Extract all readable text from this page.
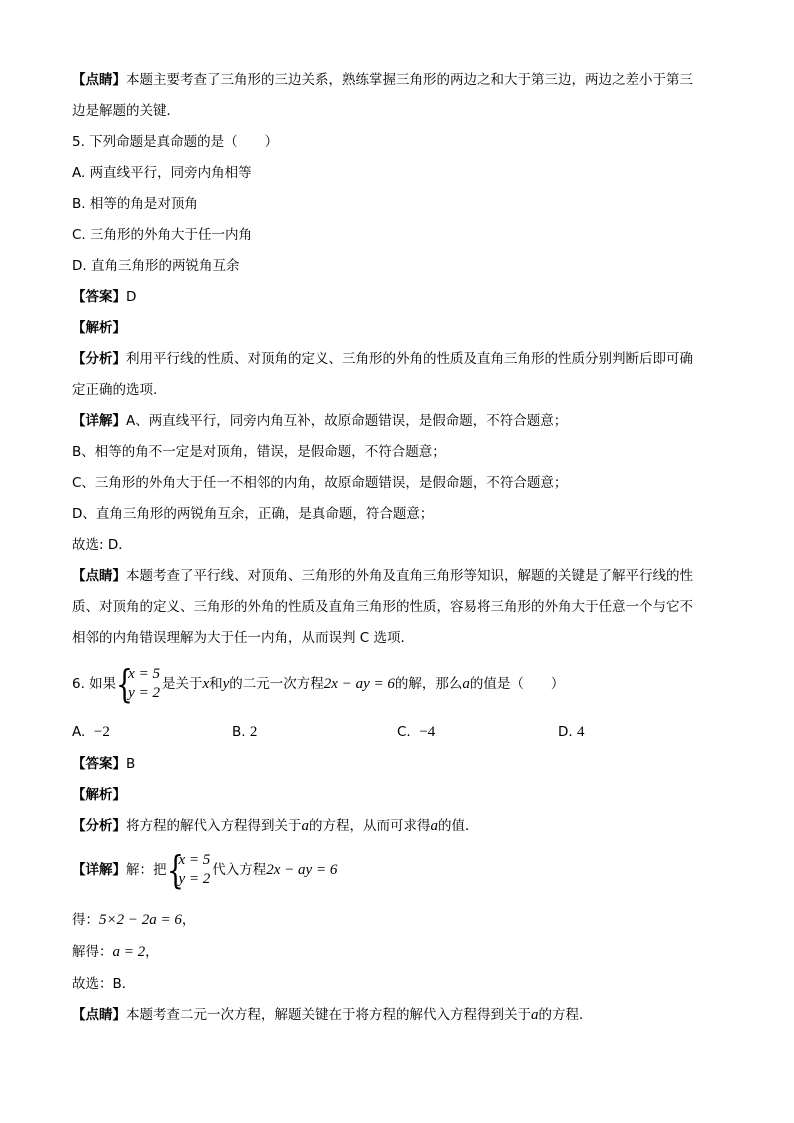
【点睛】本题主要考查了三角形的三边关系，熟练掌握三角形的两边之和大于第三边，两边之差小于第三
边是解题的关键．
5. 下列命题是真命题的是（　　）
A. 两直线平行，同旁内角相等
B. 相等的角是对顶角
C. 三角形的外角大于任一内角
D. 直角三角形的两锐角互余
【答案】D
【解析】
【分析】利用平行线的性质、对顶角的定义、三角形的外角的性质及直角三角形的性质分别判断后即可确
定正确的选项.
【详解】A、两直线平行，同旁内角互补，故原命题错误，是假命题，不符合题意；
B、相等的角不一定是对顶角，错误，是假命题，不符合题意；
C、三角形的外角大于任一不相邻的内角，故原命题错误，是假命题，不符合题意；
D、直角三角形的两锐角互余，正确，是真命题，符合题意；
故选: D．
【点睛】本题考查了平行线、对顶角、三角形的外角及直角三角形等知识，解题的关键是了解平行线的性
质、对顶角的定义、三角形的外角的性质及直角三角形的性质，容易将三角形的外角大于任意一个与它不
相邻的内角错误理解为大于任一内角，从而误判 C 选项．
6. 如果 {
x = 5
y = 2
是关于x和y的二元一次方程2x − ay = 6的解，那么a的值是（　　）
A. −2	B. 2	C. −4	D. 4
【答案】B
【解析】
【分析】将方程的解代入方程得到关于a的方程，从而可求得a的值．
【详解】解：把 {
x = 5
y = 2
代入方程2x − ay = 6
得：5×2 − 2a = 6，
解得：a = 2，
故选：B．
【点睛】本题考查二元一次方程，解题关键在于将方程的解代入方程得到关于a的方程．
